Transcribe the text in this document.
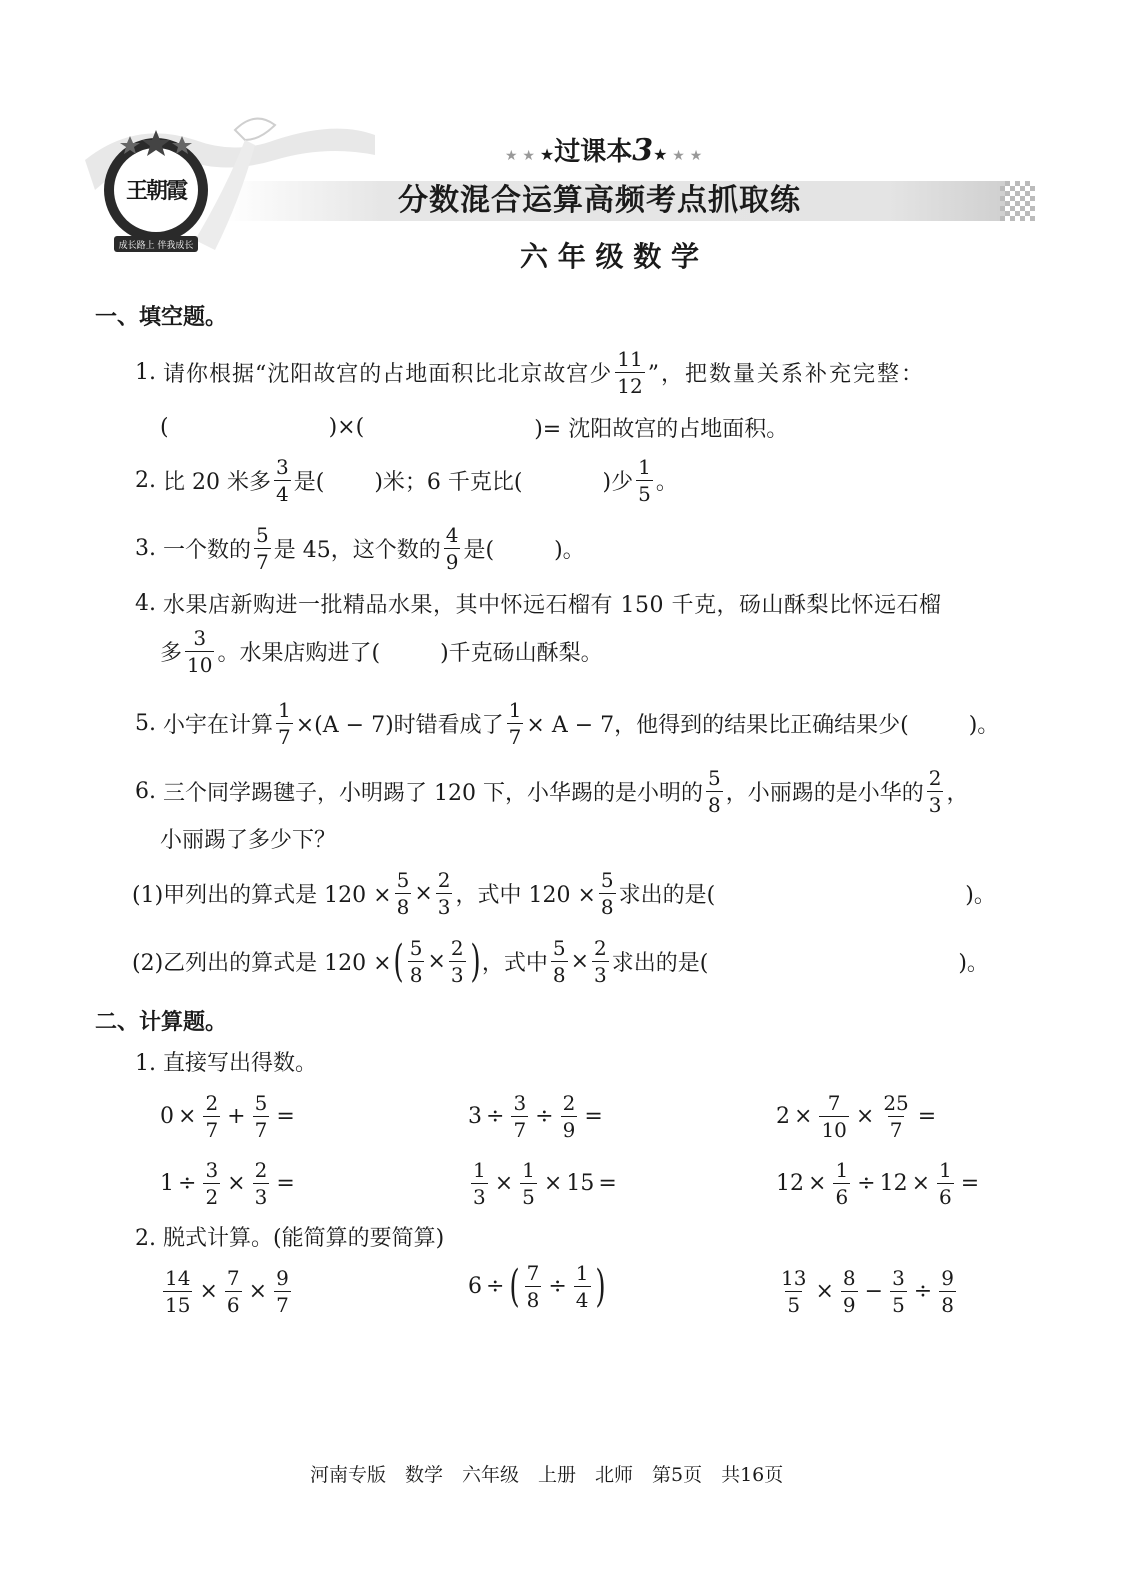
成长路上 伴我成长
王朝霞
★ ★ ★过课本3★ ★ ★
分数混合运算高频考点抓取练
六 年 级 数 学
一、填空题。
1.
请你根据“沈阳故宫的占地面积比北京故宫少 $\frac{11}{12}$ ”，把数量关系补充完整：
(	)×(	)= 沈阳故宫的占地面积。
2.
比 20 米多 $\frac{3}{4}$ 是( )米；6 千克比(	)少 $\frac{1}{5}$ 。
3.
一个数的 $\frac{5}{7}$ 是 45，这个数的 $\frac{4}{9}$ 是(	)。
4.
水果店新购进一批精品水果，其中怀远石榴有 150 千克，砀山酥梨比怀远石榴
多 $\frac{3}{10}$ 。水果店购进了(	)千克砀山酥梨。
5.
小宇在计算 $\frac{1}{7} \times(A - 7)$时错看成了 $\frac{1}{7} \times A - 7$，他得到的结果比正确结果少(	)。
6.
三个同学踢毽子，小明踢了 120 下，小华踢的是小明的 $\frac{5}{8}$ ，小丽踢的是小华的 $\frac{2}{3}$ ，
小丽踢了多少下？
(1)甲列出的算式是 $120 \times \frac{5}{8} \times \frac{2}{3}$ ，式中 $120 \times \frac{5}{8}$ 求出的是(	)。
(2)乙列出的算式是 120 × ( $\frac{5}{8} \times \frac{2}{3}$ ) ，式中 $\frac{5}{8} \times \frac{2}{3}$ 求出的是(	)。
二、计算题。
1. 直接写出得数。
$0 \times \frac{2}{7} + \frac{5}{7}$ =	$3 \div \frac{3}{7} \div \frac{2}{9}$ =	$2 \times \frac{7}{10} \times \frac{25}{7}$ =
$1 \div \frac{3}{2} \times \frac{2}{3}$ =	$\frac{1}{3} \times \frac{1}{5} \times 15$ =	$12 \times \frac{1}{6} \div 12 \times \frac{1}{6}$ =
2. 脱式计算。(能简算的要简算)
$\frac{14}{15} \times \frac{7}{6} \times \frac{9}{7}$	6 ÷ ( $\frac{7}{8} \div \frac{1}{4}$ )	$\frac{13}{5} \times \frac{8}{9} - \frac{3}{5} \div \frac{9}{8}$
河南专版　数学　六年级　上册　北师　第5页　共16页
